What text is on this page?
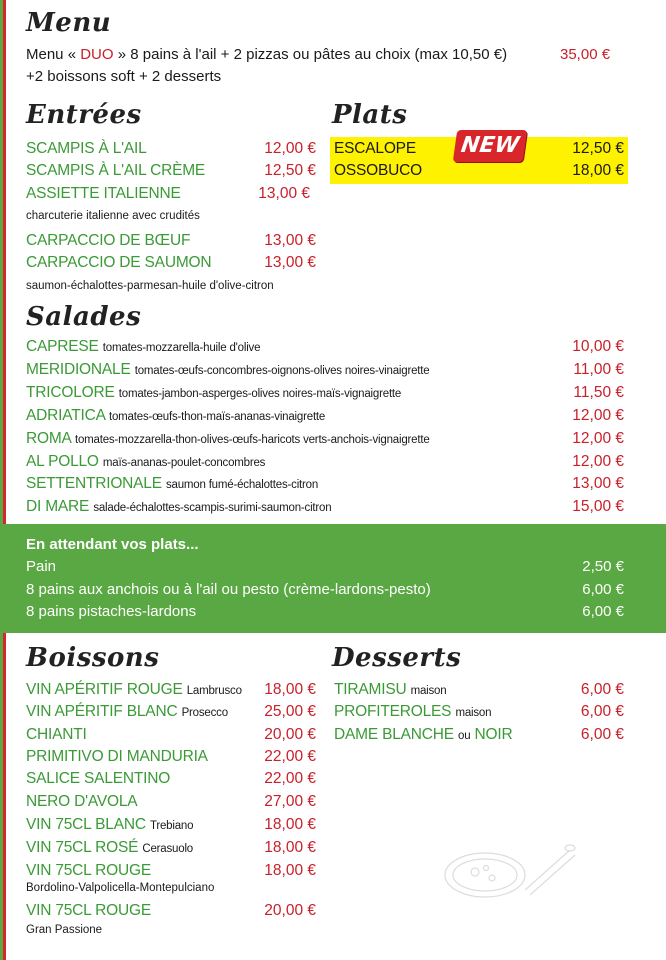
Menu
Menu « DUO » 8 pains à l'ail + 2 pizzas ou pâtes au choix (max 10,50 €)
+2 boissons soft + 2 desserts
35,00 €
Entrées
SCAMPIS À L'AIL	12,00 €
SCAMPIS À L'AIL CRÈME	12,50 €
ASSIETTE ITALIENNE	13,00 €
charcuterie italienne avec crudités
CARPACCIO DE BŒUF	13,00 €
CARPACCIO DE SAUMON	13,00 €
saumon-échalottes-parmesan-huile d'olive-citron
Plats
ESCALOPE	12,50 €
OSSOBUCO	18,00 €
NEW
Salades
CAPRESE tomates-mozzarella-huile d'olive	10,00 €
MERIDIONALE tomates-œufs-concombres-oignons-olives noires-vinaigrette	11,00 €
TRICOLORE tomates-jambon-asperges-olives noires-maïs-vignaigrette	11,50 €
ADRIATICA tomates-œufs-thon-maïs-ananas-vinaigrette	12,00 €
ROMA tomates-mozzarella-thon-olives-œufs-haricots verts-anchois-vignaigrette	12,00 €
AL POLLO maïs-ananas-poulet-concombres	12,00 €
SETTENTRIONALE saumon fumé-échalottes-citron	13,00 €
DI MARE salade-échalottes-scampis-surimi-saumon-citron	15,00 €
En attendant vos plats...
Pain	2,50 €
8 pains aux anchois ou à l'ail ou pesto (crème-lardons-pesto)	6,00 €
8 pains pistaches-lardons	6,00 €
Boissons
VIN APÉRITIF ROUGE Lambrusco 18,00 €
VIN APÉRITIF BLANC Prosecco 25,00 €
CHIANTI	20,00 €
PRIMITIVO DI MANDURIA	22,00 €
SALICE SALENTINO	22,00 €
NERO D'AVOLA	27,00 €
VIN 75CL BLANC Trebiano	18,00 €
VIN 75CL ROSÉ Cerasuolo	18,00 €
VIN 75CL ROUGE	18,00 €
Bordolino-Valpolicella-Montepulciano
VIN 75CL ROUGE	20,00 €
Gran Passione
Desserts
TIRAMISU maison	6,00 €
PROFITEROLES maison	6,00 €
DAME BLANCHE ou NOIR	6,00 €
